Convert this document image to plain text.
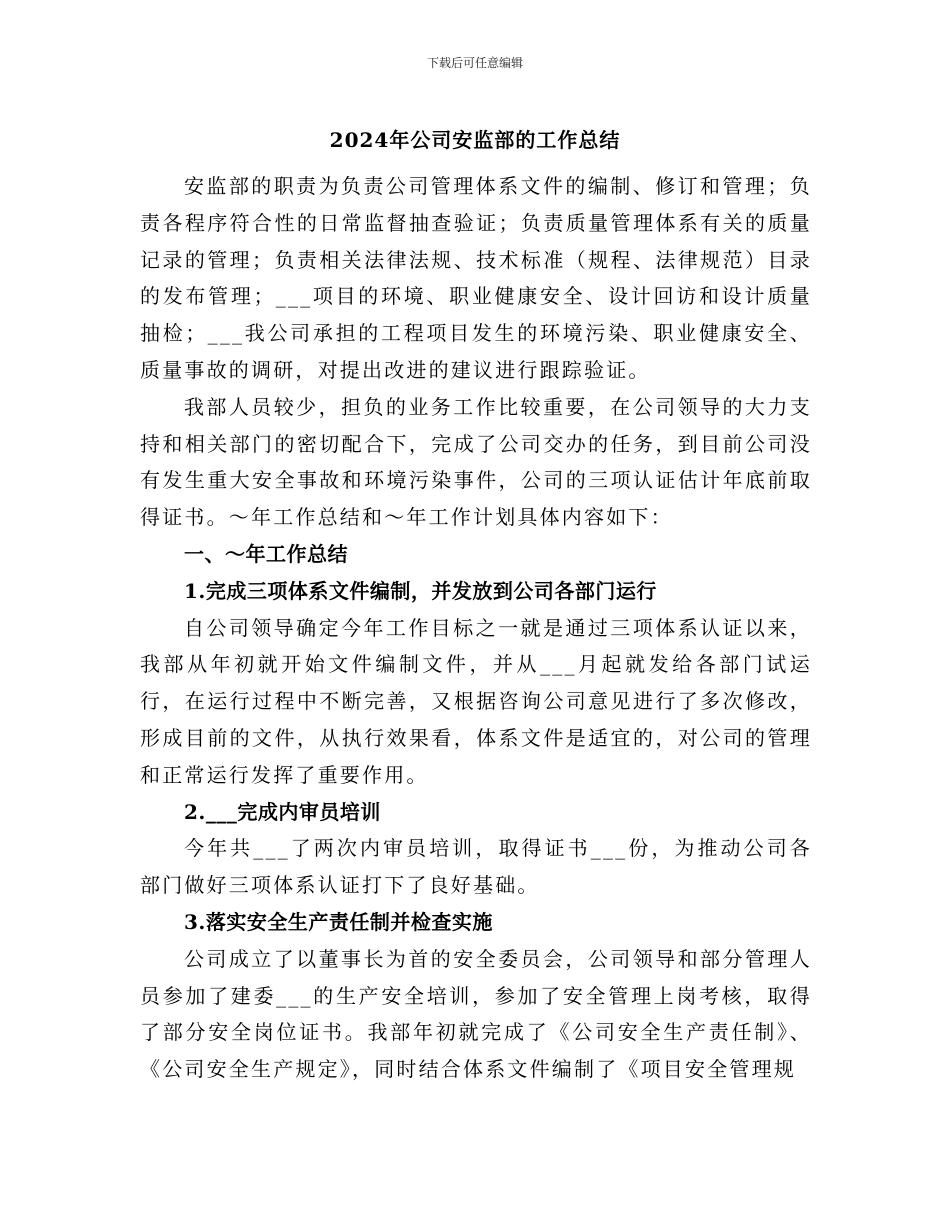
下载后可任意编辑
2024年公司安监部的工作总结

安监部的职责为负责公司管理体系文件的编制、修订和管理；负责各程序符合性的日常监督抽查验证；负责质量管理体系有关的质量记录的管理；负责相关法律法规、技术标准（规程、法律规范）目录的发布管理；___项目的环境、职业健康安全、设计回访和设计质量抽检；___我公司承担的工程项目发生的环境污染、职业健康安全、质量事故的调研，对提出改进的建议进行跟踪验证。

我部人员较少，担负的业务工作比较重要，在公司领导的大力支持和相关部门的密切配合下，完成了公司交办的任务，到目前公司没有发生重大安全事故和环境污染事件，公司的三项认证估计年底前取得证书。～年工作总结和～年工作计划具体内容如下：

一、～年工作总结

1.完成三项体系文件编制，并发放到公司各部门运行

自公司领导确定今年工作目标之一就是通过三项体系认证以来，我部从年初就开始文件编制文件，并从___月起就发给各部门试运行，在运行过程中不断完善，又根据咨询公司意见进行了多次修改，形成目前的文件，从执行效果看，体系文件是适宜的，对公司的管理和正常运行发挥了重要作用。

2.___完成内审员培训

今年共___了两次内审员培训，取得证书___份，为推动公司各部门做好三项体系认证打下了良好基础。

3.落实安全生产责任制并检查实施

公司成立了以董事长为首的安全委员会，公司领导和部分管理人员参加了建委___的生产安全培训，参加了安全管理上岗考核，取得了部分安全岗位证书。我部年初就完成了《公司安全生产责任制》、《公司安全生产规定》，同时结合体系文件编制了《项目安全管理规
